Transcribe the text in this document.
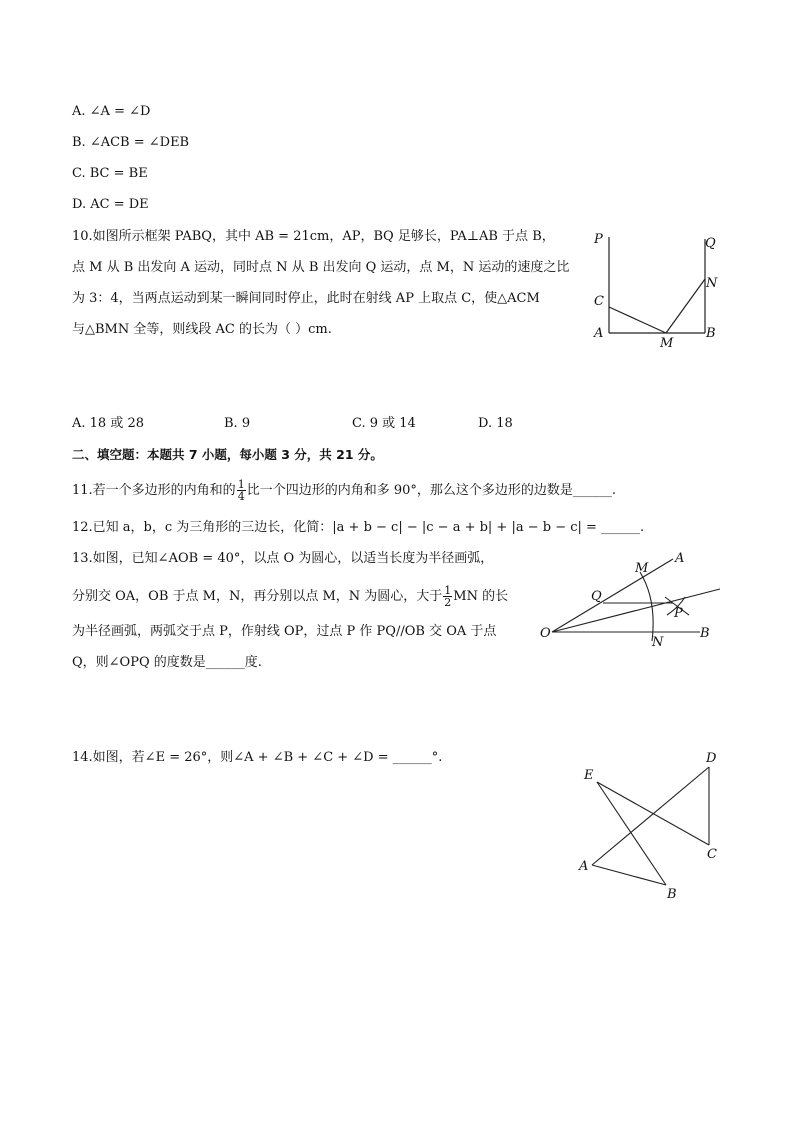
A. ∠A = ∠D
B. ∠ACB = ∠DEB
C. BC = BE
D. AC = DE
10.如图所示框架 PABQ，其中 AB = 21cm，AP，BQ 足够长，PA⊥AB 于点 B，
点 M 从 B 出发向 A 运动，同时点 N 从 B 出发向 Q 运动，点 M，N 运动的速度之比
为 3：4，当两点运动到某一瞬间同时停止，此时在射线 AP 上取点 C，使△ACM
与△BMN 全等，则线段 AC 的长为（ ）cm.
P	Q
N
C
A
M
B
A. 18 或 28	B. 9	C. 9 或 14	D. 18
二、填空题：本题共 7 小题，每小题 3 分，共 21 分。
11.若一个多边形的内角和的 $\frac{1}{4}$ 比一个四边形的内角和多 90°，那么这个多边形的边数是______.
12.已知 a，b，c 为三角形的三边长，化简：|a + b − c| − |c − a + b| + |a − b − c| = ______.
13.如图，已知∠AOB = 40°，以点 O 为圆心，以适当长度为半径画弧，
分别交 OA，OB 于点 M，N，再分别以点 M，N 为圆心，大于 $\frac{1}{2}$ MN 的长
为半径画弧，两弧交于点 P，作射线 OP，过点 P 作 PQ//OB 交 OA 于点
Q，则∠OPQ 的度数是______度.
M
A
Q
P
O
N
B
14.如图，若∠E = 26°，则∠A + ∠B + ∠C + ∠D = ______°.
E
D
C
A
B
